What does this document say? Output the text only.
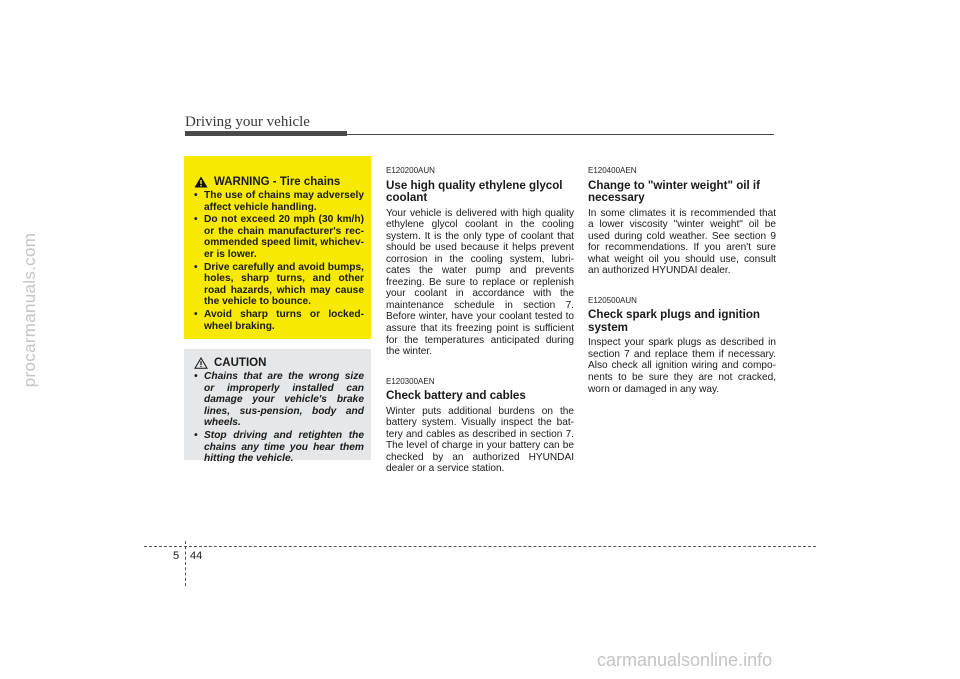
Driving your vehicle
procarmanuals.com
carmanualsonline.info
WARNING - Tire chains
• The use of chains may adversely affect vehicle handling.
• Do not exceed 20 mph (30 km/h) or the chain manufacturer's rec-ommended speed limit, whichev-er is lower.
• Drive carefully and avoid bumps, holes, sharp turns, and other road hazards, which may cause the vehicle to bounce.
• Avoid sharp turns or locked-wheel braking.
CAUTION
• Chains that are the wrong size or improperly installed can damage your vehicle's brake lines, sus-pension, body and wheels.
• Stop driving and retighten the chains any time you hear them hitting the vehicle.
E120200AUN
Use high quality ethylene glycol coolant
Your vehicle is delivered with high quality ethylene glycol coolant in the cooling system. It is the only type of coolant that should be used because it helps prevent corrosion in the cooling system, lubri-cates the water pump and prevents freezing. Be sure to replace or replenish your coolant in accordance with the maintenance schedule in section 7. Before winter, have your coolant tested to assure that its freezing point is sufficient for the temperatures anticipated during the winter.
E120300AEN
Check battery and cables
Winter puts additional burdens on the battery system. Visually inspect the bat-tery and cables as described in section 7. The level of charge in your battery can be checked by an authorized HYUNDAI dealer or a service station.
E120400AEN
Change to "winter weight" oil if necessary
In some climates it is recommended that a lower viscosity "winter weight" oil be used during cold weather. See section 9 for recommendations. If you aren't sure what weight oil you should use, consult an authorized HYUNDAI dealer.
E120500AUN
Check spark plugs and ignition system
Inspect your spark plugs as described in section 7 and replace them if necessary. Also check all ignition wiring and compo-nents to be sure they are not cracked, worn or damaged in any way.
5 44
